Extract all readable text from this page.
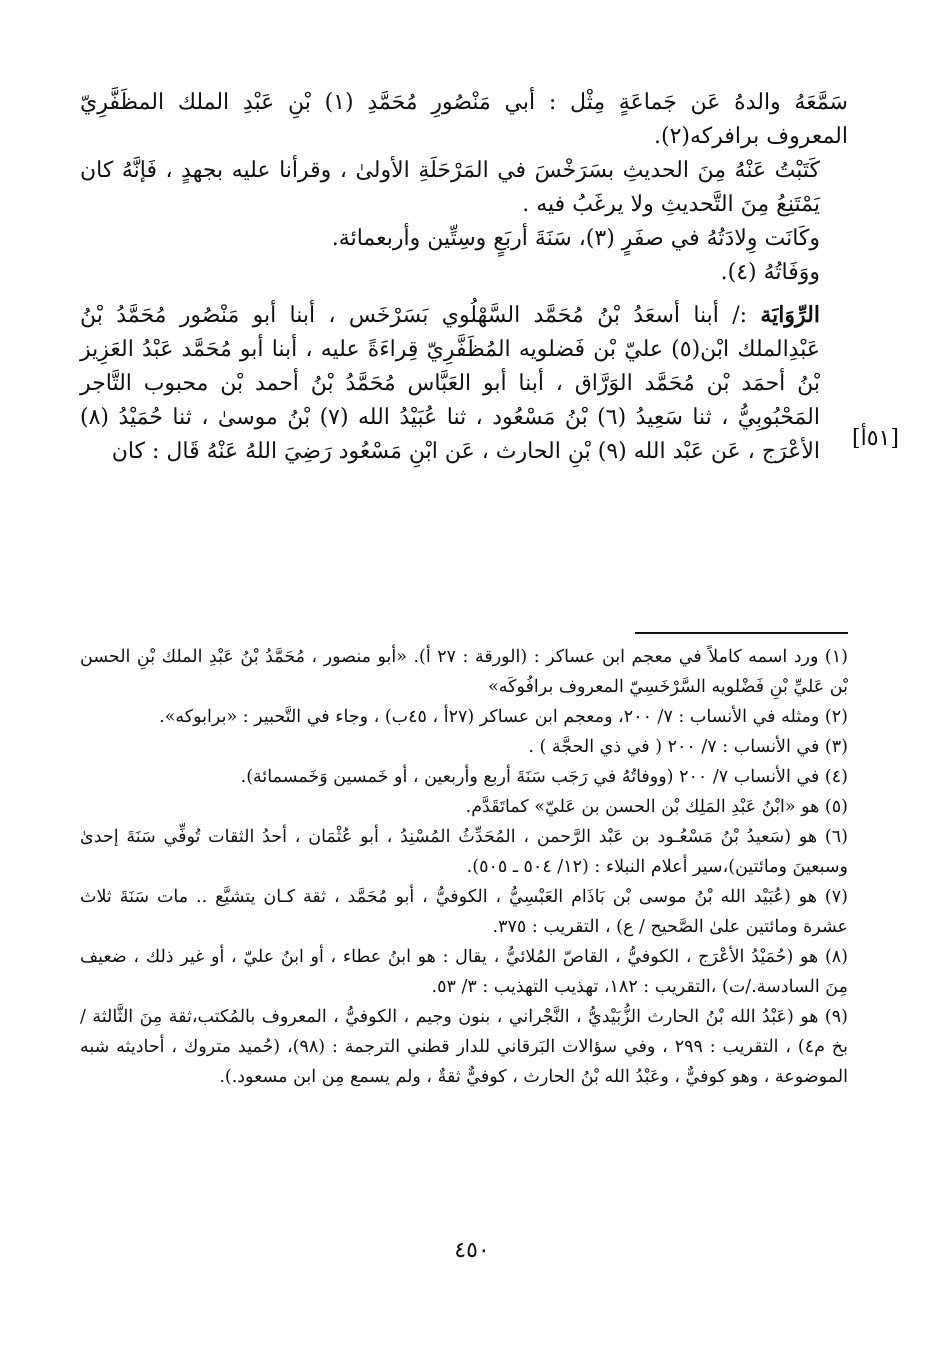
سَمَّعَهُ والدهُ عَن جَماعَةٍ مِثْل : أبي مَنْصُورِ مُحَمَّدِ (١) بْنِ عَبْدِ الملك المظَفَّرِيّ المعروف برافركه(٢).

كَتَبْتُ عَنْهُ مِنَ الحديثِ بسَرَخْسَ في المَرْحَلَةِ الأولىٰ ، وقرأنا عليه بجهدٍ ، فَإنَّهُ كان يَمْتَنِعُ مِنَ التَّحديثِ ولا يرغَبُ فيه .

وكَانَت وِلادَتُهُ في صفَرٍ (٣)، سَنَةَ أربَعٍ وسِتِّين وأربعمائة.

ووَفَاتُهُ (٤).

الرِّوَايَة :/ أبنا أسعَدُ بْنُ مُحَمَّد السَّهْلُوي بَسَرْخَس ، أبنا أبو مَنْصُور مُحَمَّدُ بْنُ عَبْدِالملك ابْن(٥) عليّ بْن فَضلويه المُظَفَّرِيّ قِراءَةً عليه ، أبنا أبو مُحَمَّد عَبْدُ العَزِيز بْنُ أحمَد بْن مُحَمَّد الوَرَّاق ، أبنا أبو العَبَّاس مُحَمَّدُ بْنُ أحمد بْن محبوب التَّاجر المَحْبُوبِيُّ ، ثنا سَعِيدُ (٦) بْنُ مَسْعُود ، ثنا عُبَيْدُ الله (٧) بْنُ موسىٰ ، ثنا حُمَيْدُ (٨) الأعْرَج ، عَن عَبْد الله (٩) بْنِ الحارث ، عَن ابْنِ مَسْعُود رَضِيَ اللهُ عَنْهُ قَال : كان

[٥١أ]

(١) ورد اسمه كاملاً في معجم ابن عساكر : (الورقة : ٢٧ أ). «أبو منصور ، مُحَمَّدُ بْنُ عَبْدِ الملك بْنِ الحسن بْن عَليِّ بْنِ فَضْلويه السَّرْخَسِيّ المعروف برافُوكَه»

(٢) ومثله في الأنساب : ٧/ ٢٠٠، ومعجم ابن عساكر (٢٧أ ، ٤٥ب) ، وجاء في التَّحبير : «برابوكه».

(٣) في الأنساب : ٧/ ٢٠٠ ( في ذي الحجَّة ) .

(٤) في الأنساب ٧/ ٢٠٠ (ووفاتُهُ في رَجَب سَنَةَ أربع وأربعين ، أو خَمسين وَخَمسمائة).

(٥) هو «ابْنُ عَبْدِ المَلِك بْن الحسن بن عَليّ» كماتَقَدَّم.

(٦) هو (سَعيدُ بْنُ مَسْعُـود بن عَبْد الرَّحمن ، المُحَدِّثُ المُسْنِدُ ، أبو عُثْمَان ، أحدُ الثقات تُوفِّي سَنَةَ إحدىٰ وسبعينَ ومائتين)،سير أعلام النبلاء : (١٢/ ٥٠٤ ـ ٥٠٥).

(٧) هو (عُبَيْد الله بْنُ موسى بْن بَاذَام العَبْسِيُّ ، الكوفيُّ ، أبو مُحَمَّد ، ثقة كـان يتشيَّع .. مات سَنَةَ ثلاث عشرة ومائتين علىٰ الصَّحيح / ع) ، التقريب : ٣٧٥.

(٨) هو (حُمَيْدُ الأعْرَج ، الكوفيُّ ، القاصّ المُلائيُّ ، يقال : هو ابنُ عطاء ، أو ابنُ عليّ ، أو غير ذلك ، ضعيف مِنَ السادسة./ت) ،التقريب : ١٨٢، تهذيب التهذيب : ٣/ ٥٣.

(٩) هو (عَبْدُ الله بْنُ الحارث الزُّبَيْديُّ ، النَّجْراني ، بنون وجيم ، الكوفيُّ ، المعروف بالمُكتب،ثقة مِنَ الثَّالثة / بخ م٤) ، التقريب : ٢٩٩ ، وفي سؤالات البَرقاني للدار قطني الترجمة : (٩٨)، (حُميد متروك ، أحاديثه شبه الموضوعة ، وهو كوفيٌّ ، وعَبْدُ الله بْنُ الحارث ، كوفيٌّ ثقةٌ ، ولم يسمع مِن ابن مسعود.).

٤٥٠
